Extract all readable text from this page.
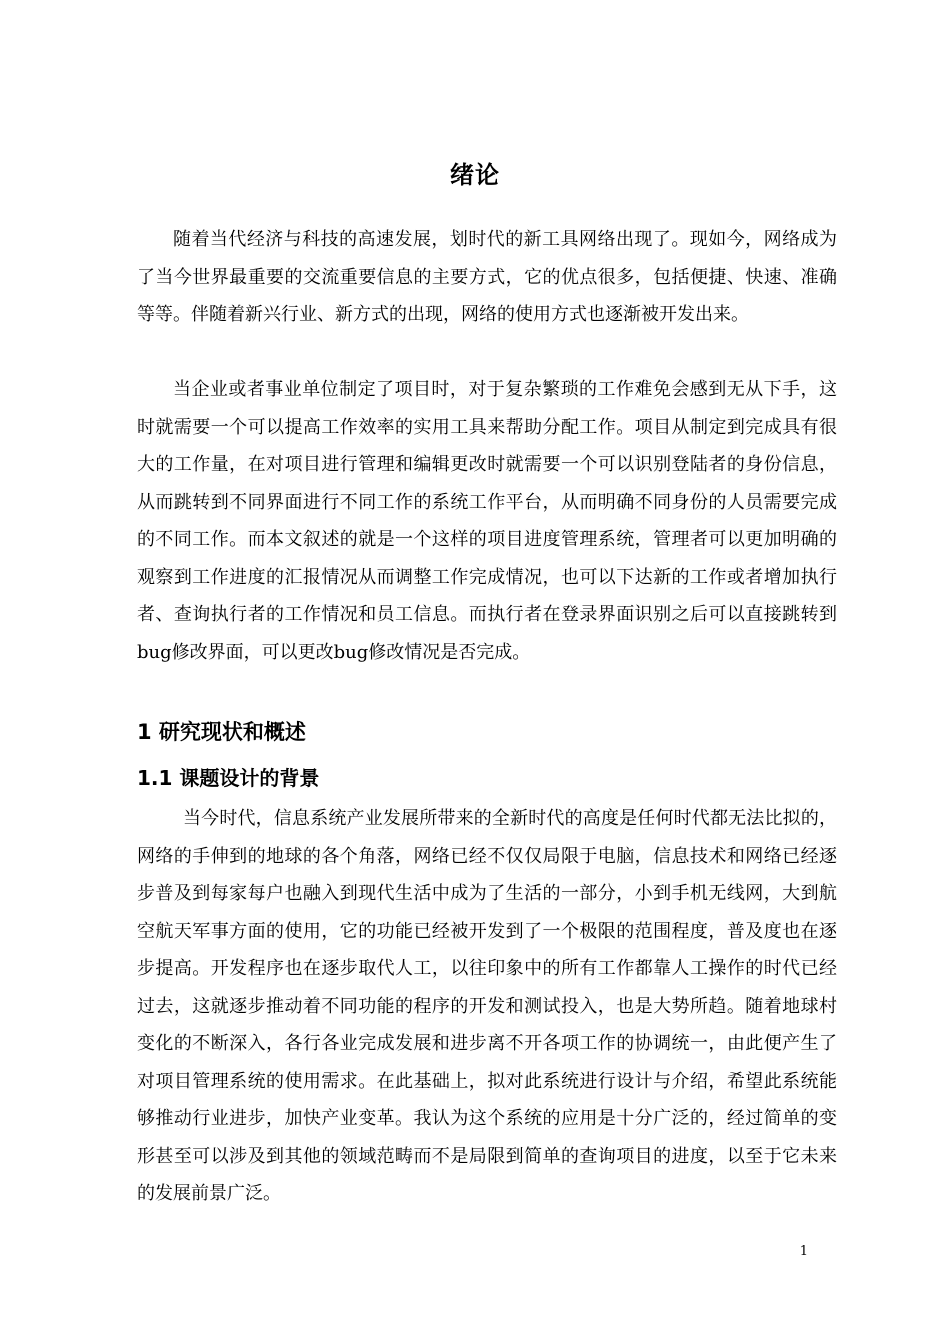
绪论

随着当代经济与科技的高速发展，划时代的新工具网络出现了。现如今，网络成为了当今世界最重要的交流重要信息的主要方式，它的优点很多，包括便捷、快速、准确等等。伴随着新兴行业、新方式的出现，网络的使用方式也逐渐被开发出来。

当企业或者事业单位制定了项目时，对于复杂繁琐的工作难免会感到无从下手，这时就需要一个可以提高工作效率的实用工具来帮助分配工作。项目从制定到完成具有很大的工作量，在对项目进行管理和编辑更改时就需要一个可以识别登陆者的身份信息，从而跳转到不同界面进行不同工作的系统工作平台，从而明确不同身份的人员需要完成的不同工作。而本文叙述的就是一个这样的项目进度管理系统，管理者可以更加明确的观察到工作进度的汇报情况从而调整工作完成情况，也可以下达新的工作或者增加执行者、查询执行者的工作情况和员工信息。而执行者在登录界面识别之后可以直接跳转到bug修改界面，可以更改bug修改情况是否完成。

1 研究现状和概述
1.1 课题设计的背景

当今时代，信息系统产业发展所带来的全新时代的高度是任何时代都无法比拟的，网络的手伸到的地球的各个角落，网络已经不仅仅局限于电脑，信息技术和网络已经逐步普及到每家每户也融入到现代生活中成为了生活的一部分，小到手机无线网，大到航空航天军事方面的使用，它的功能已经被开发到了一个极限的范围程度，普及度也在逐步提高。开发程序也在逐步取代人工，以往印象中的所有工作都靠人工操作的时代已经过去，这就逐步推动着不同功能的程序的开发和测试投入，也是大势所趋。随着地球村变化的不断深入，各行各业完成发展和进步离不开各项工作的协调统一，由此便产生了对项目管理系统的使用需求。在此基础上，拟对此系统进行设计与介绍，希望此系统能够推动行业进步，加快产业变革。我认为这个系统的应用是十分广泛的，经过简单的变形甚至可以涉及到其他的领域范畴而不是局限到简单的查询项目的进度，以至于它未来的发展前景广泛。

1
